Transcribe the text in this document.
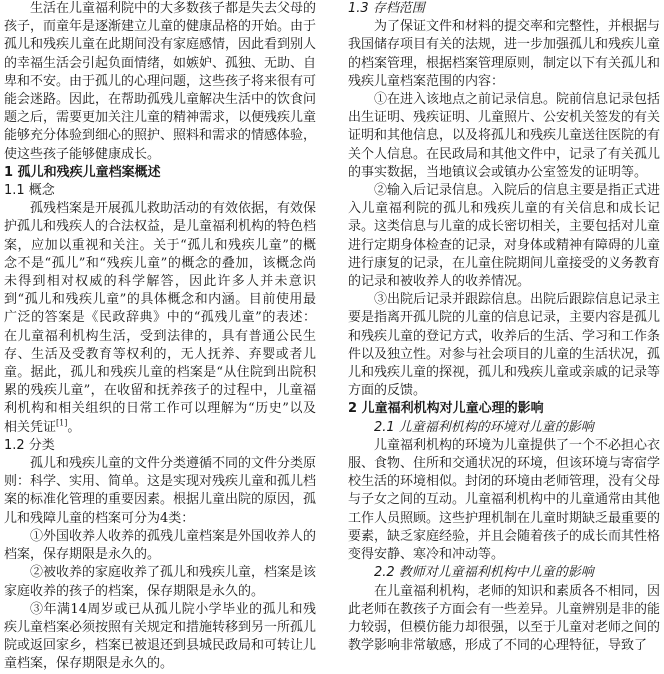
生活在儿童福利院中的大多数孩子都是失去父母的孩子，而童年是逐渐建立儿童的健康品格的开始。由于孤儿和残疾儿童在此期间没有家庭感情，因此看到别人的幸福生活会引起负面情绪，如嫉妒、孤独、无助、自卑和不安。由于孤儿的心理问题，这些孩子将来很有可能会迷路。因此，在帮助孤残儿童解决生活中的饮食问题之后，需要更加关注儿童的精神需求，以便残疾儿童能够充分体验到细心的照护、照料和需求的情感体验，使这些孩子能够健康成长。
1 孤儿和残疾儿童档案概述
1.1 概念
孤残档案是开展孤儿救助活动的有效依据，有效保护孤儿和残疾人的合法权益，是儿童福利机构的特色档案，应加以重视和关注。关于“孤儿和残疾儿童”的概念不是“孤儿”和“残疾儿童”的概念的叠加，该概念尚未得到相对权威的科学解答，因此许多人并未意识到“孤儿和残疾儿童”的具体概念和内涵。目前使用最广泛的答案是《民政辞典》中的“孤残儿童”的表述：在儿童福利机构生活，受到法律的，具有普通公民生存、生活及受教育等权利的，无人抚养、弃婴或者儿童。据此，孤儿和残疾儿童的档案是“从住院到出院积累的残疾儿童”，在收留和抚养孩子的过程中，儿童福利机构和相关组织的日常工作可以理解为“历史”以及相关凭证[1]。
1.2 分类
孤儿和残疾儿童的文件分类遵循不同的文件分类原则：科学、实用、简单。这是实现对残疾儿童和孤儿档案的标准化管理的重要因素。根据儿童出院的原因，孤儿和残障儿童的档案可分为4类：
①外国收养人收养的孤残儿童档案是外国收养人的档案，保存期限是永久的。
②被收养的家庭收养了孤儿和残疾儿童，档案是该家庭收养的孩子的档案，保存期限是永久的。
③年满14周岁或已从孤儿院小学毕业的孤儿和残疾儿童档案必须按照有关规定和措施转移到另一所孤儿院或返回家乡，档案已被退还到县城民政局和可转让儿童档案，保存期限是永久的。
1.3 存档范围
为了保证文件和材料的提交率和完整性，并根据与我国储存项目有关的法规，进一步加强孤儿和残疾儿童的档案管理，根据档案管理原则，制定以下有关孤儿和残疾儿童档案范围的内容：
①在进入该地点之前记录信息。院前信息记录包括出生证明、残疾证明、儿童照片、公安机关签发的有关证明和其他信息，以及将孤儿和残疾儿童送往医院的有关个人信息。在民政局和其他文件中，记录了有关孤儿的事实数据，当地镇议会或镇办公室签发的证明等。
②输入后记录信息。入院后的信息主要是指正式进入儿童福利院的孤儿和残疾儿童的有关信息和成长记录。这类信息与儿童的成长密切相关，主要包括对儿童进行定期身体检查的记录，对身体或精神有障碍的儿童进行康复的记录，在儿童住院期间儿童接受的义务教育的记录和被收养人的收养情况。
③出院后记录并跟踪信息。出院后跟踪信息记录主要是指离开孤儿院的儿童的信息记录，主要内容是孤儿和残疾儿童的登记方式，收养后的生活、学习和工作条件以及独立性。对参与社会项目的儿童的生活状况，孤儿和残疾儿童的探视，孤儿和残疾儿童或亲戚的记录等方面的反馈。
2 儿童福利机构对儿童心理的影响
2.1 儿童福利机构的环境对儿童的影响
儿童福利机构的环境为儿童提供了一个不必担心衣服、食物、住所和交通状况的环境，但该环境与寄宿学校生活的环境相似。封闭的环境由老师管理，没有父母与子女之间的互动。儿童福利机构中的儿童通常由其他工作人员照顾。这些护理机制在儿童时期缺乏最重要的要素，缺乏家庭经验，并且会随着孩子的成长而其性格变得安静、寒冷和冲动等。
2.2 教师对儿童福利机构中儿童的影响
在儿童福利机构，老师的知识和素质各不相同，因此老师在教孩子方面会有一些差异。儿童辨别是非的能力较弱，但模仿能力却很强，以至于儿童对老师之间的教学影响非常敏感，形成了不同的心理特征，导致了
